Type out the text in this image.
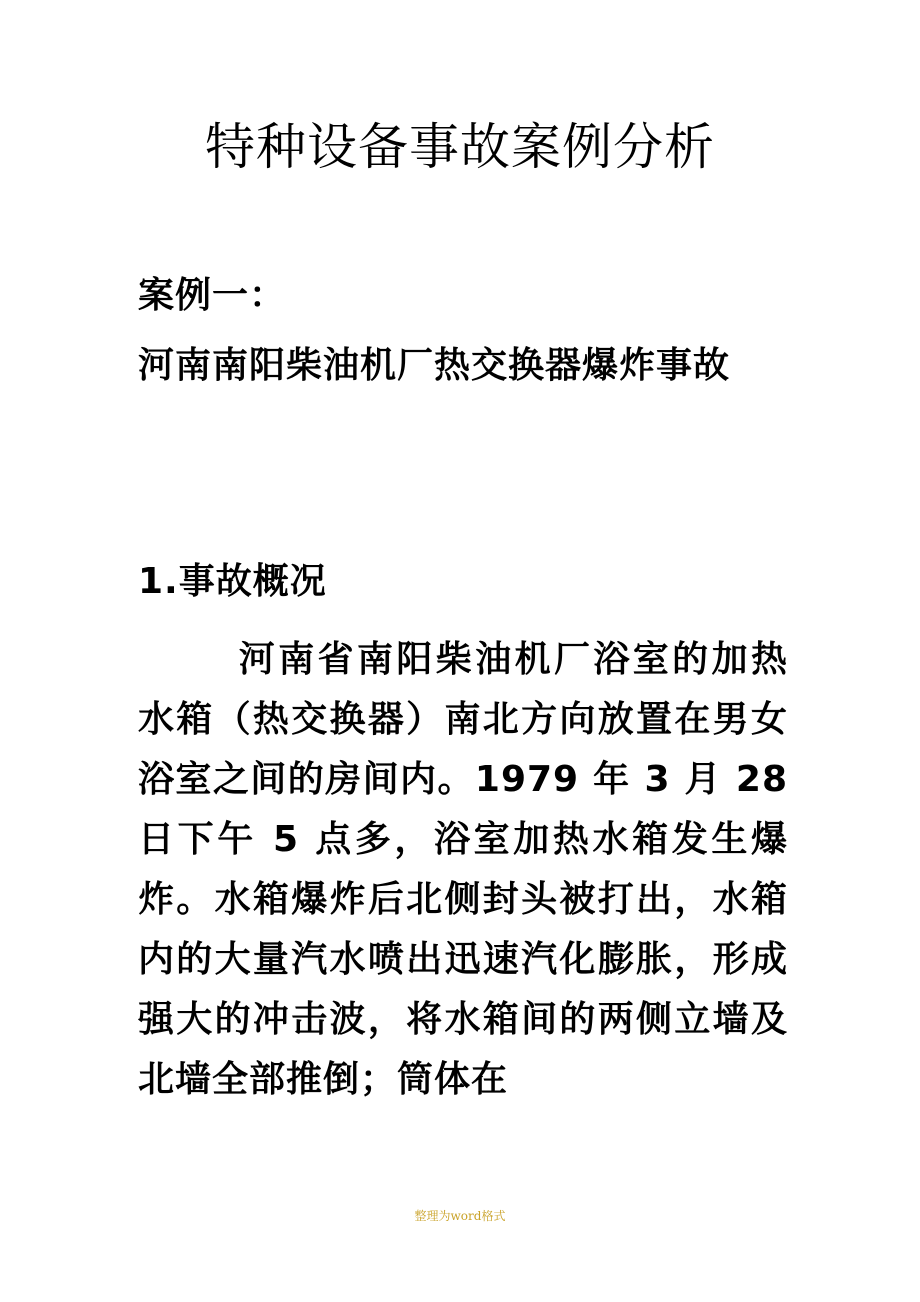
特种设备事故案例分析
案例一：
河南南阳柴油机厂热交换器爆炸事故
1.事故概况

河南省南阳柴油机厂浴室的加热水箱（热交换器）南北方向放置在男女浴室之间的房间内。1979 年 3 月 28 日下午 5 点多，浴室加热水箱发生爆炸。水箱爆炸后北侧封头被打出，水箱内的大量汽水喷出迅速汽化膨胀，形成强大的冲击波，将水箱间的两侧立墙及北墙全部推倒；筒体在

整理为word格式
